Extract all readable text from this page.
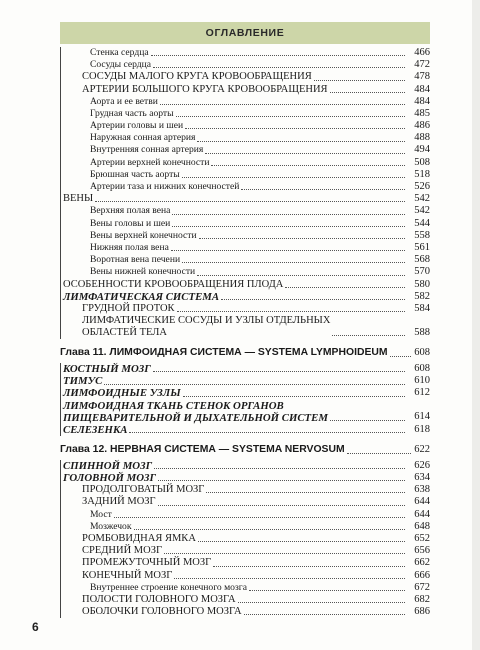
ОГЛАВЛЕНИЕ
Стенка сердца	466
Сосуды сердца	472
СОСУДЫ МАЛОГО КРУГА КРОВООБРАЩЕНИЯ	478
АРТЕРИИ БОЛЬШОГО КРУГА КРОВООБРАЩЕНИЯ	484
Аорта и ее ветви	484
Грудная часть аорты	485
Артерии головы и шеи	486
Наружная сонная артерия	488
Внутренняя сонная артерия	494
Артерии верхней конечности	508
Брюшная часть аорты	518
Артерии таза и нижних конечностей	526
ВЕНЫ	542
Верхняя полая вена	542
Вены головы и шеи	544
Вены верхней конечности	558
Нижняя полая вена	561
Воротная вена печени	568
Вены нижней конечности	570
ОСОБЕННОСТИ КРОВООБРАЩЕНИЯ ПЛОДА	580
ЛИМФАТИЧЕСКАЯ СИСТЕМА	582
ГРУДНОЙ ПРОТОК	584
ЛИМФАТИЧЕСКИЕ СОСУДЫ И УЗЛЫ ОТДЕЛЬНЫХ
ОБЛАСТЕЙ ТЕЛА	588
Глава 11. ЛИМФОИДНАЯ СИСТЕМА — SYSTEMA LYMPHOIDEUM	608
КОСТНЫЙ МОЗГ	608
ТИМУС	610
ЛИМФОИДНЫЕ УЗЛЫ	612
ЛИМФОИДНАЯ ТКАНЬ СТЕНОК ОРГАНОВ
ПИЩЕВАРИТЕЛЬНОЙ И ДЫХАТЕЛЬНОЙ СИСТЕМ	614
СЕЛЕЗЕНКА	618
Глава 12. НЕРВНАЯ СИСТЕМА — SYSTEMA NERVOSUM	622
СПИННОЙ МОЗГ	626
ГОЛОВНОЙ МОЗГ	634
ПРОДОЛГОВАТЫЙ МОЗГ	638
ЗАДНИЙ МОЗГ	644
Мост	644
Мозжечок	648
РОМБОВИДНАЯ ЯМКА	652
СРЕДНИЙ МОЗГ	656
ПРОМЕЖУТОЧНЫЙ МОЗГ	662
КОНЕЧНЫЙ МОЗГ	666
Внутреннее строение конечного мозга	672
ПОЛОСТИ ГОЛОВНОГО МОЗГА	682
ОБОЛОЧКИ ГОЛОВНОГО МОЗГА	686
6
